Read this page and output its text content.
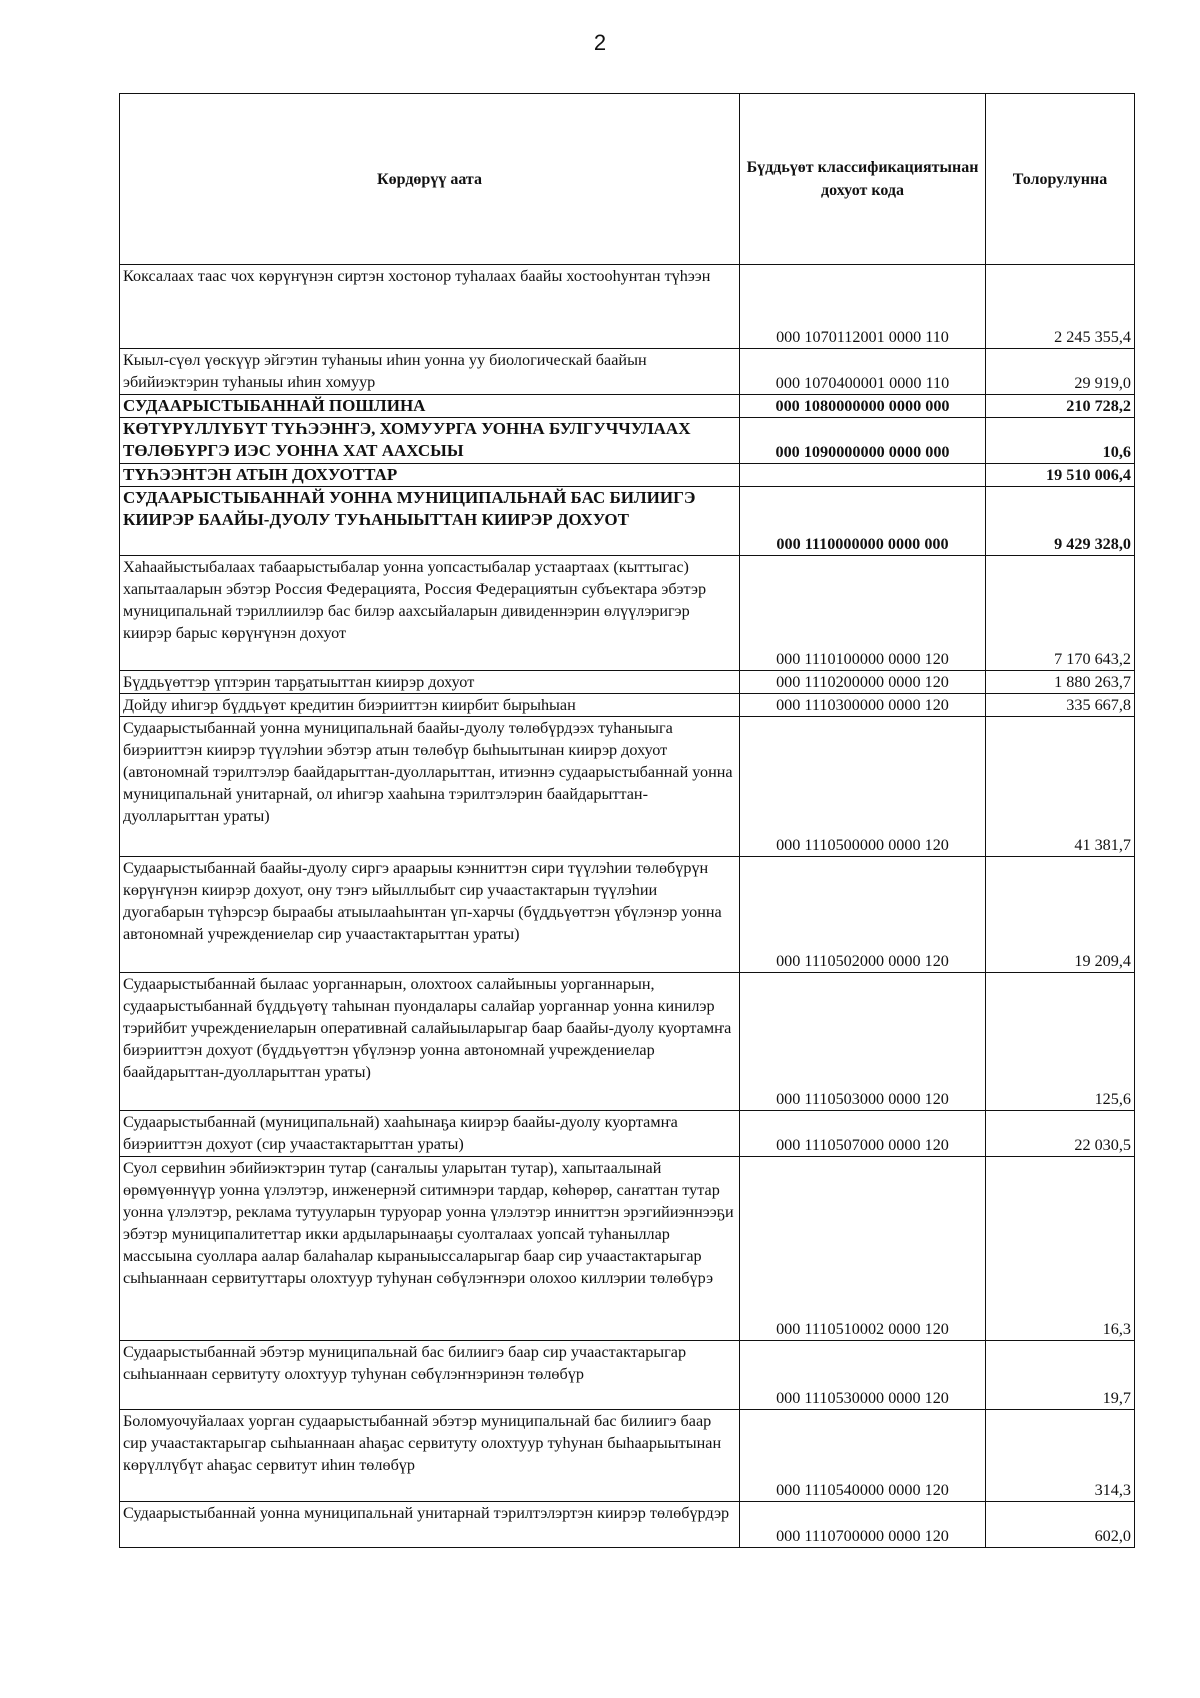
2
Көрдөрүү аата	Бүддьүөт классификациятынан дохуот кода	Толорулунна
Коксалаах таас чох көрүҥүнэн сиртэн хостонор туһалаах баайы хостооһунтан түһээн	000 1070112001 0000 110	2 245 355,4
Кыыл-сүөл үөскүүр эйгэтин туһаныы иһин уонна уу биологическай баайын эбийиэктэрин туһаныы иһин хомуур	000 1070400001 0000 110	29 919,0
СУДААРЫСТЫБАННАЙ ПОШЛИНА	000 1080000000 0000 000	210 728,2
КӨТҮРҮЛЛҮБҮТ ТҮҺЭЭНҤЭ, ХОМУУРГА УОННА БУЛГУЧЧУЛААХ ТӨЛӨБҮРГЭ ИЭС УОННА ХАТ ААХСЫЫ	000 1090000000 0000 000	10,6
ТҮҺЭЭНТЭН АТЫН ДОХУОТТАР		19 510 006,4
СУДААРЫСТЫБАННАЙ УОННА МУНИЦИПАЛЬНАЙ БАС БИЛИИГЭ КИИРЭР БААЙЫ-ДУОЛУ ТУҺАНЫЫТТАН КИИРЭР ДОХУОТ	000 1110000000 0000 000	9 429 328,0
Хаһаайыстыбалаах табаарыстыбалар уонна уопсастыбалар устаартаах (кыттыгас) хапытааларын эбэтэр Россия Федерацията, Россия Федерациятын субъектара эбэтэр муниципальнай тэриллиилэр бас билэр аахсыйаларын дивиденнэрин өлүүлэригэр киирэр барыс көрүҥүнэн дохуот	000 1110100000 0000 120	7 170 643,2
Бүддьүөттэр үптэрин тарҕатыыттан киирэр дохуот	000 1110200000 0000 120	1 880 263,7
Дойду иһигэр бүддьүөт кредитин биэрииттэн киирбит бырыһыан	000 1110300000 0000 120	335 667,8
Судаарыстыбаннай уонна муниципальнай баайы-дуолу төлөбүрдээх туһаныыга биэрииттэн киирэр түүлэһии эбэтэр атын төлөбүр быһыытынан киирэр дохуот (автономнай тэрилтэлэр баайдарыттан-дуолларыттан, итиэннэ судаарыстыбаннай уонна муниципальнай унитарнай, ол иһигэр хааһына тэрилтэлэрин баайдарыттан-дуолларыттан ураты)	000 1110500000 0000 120	41 381,7
Судаарыстыбаннай баайы-дуолу сиргэ араарыы кэнниттэн сири түүлэһии төлөбүрүн көрүҥүнэн киирэр дохуот, ону тэҥэ ыйыллыбыт сир учаастактарын түүлэһии дуогабарын түһэрсэр быраабы атыылааһынтан үп-харчы (бүддьүөттэн үбүлэнэр уонна автономнай учреждениелар сир учаастактарыттан ураты)	000 1110502000 0000 120	19 209,4
Судаарыстыбаннай былаас уорганнарын, олохтоох салайыныы уорганнарын, судаарыстыбаннай бүддьүөтү таһынан пуондалары салайар уорганнар уонна кинилэр тэрийбит учреждениеларын оперативнай салайыыларыгар баар баайы-дуолу куортамҥа биэрииттэн дохуот (бүддьүөттэн үбүлэнэр уонна автономнай учреждениелар баайдарыттан-дуолларыттан ураты)	000 1110503000 0000 120	125,6
Судаарыстыбаннай (муниципальнай) хааһынаҕа киирэр баайы-дуолу куортамҥа биэрииттэн дохуот (сир учаастактарыттан ураты)	000 1110507000 0000 120	22 030,5
Суол сервиһин эбийиэктэрин тутар (саҥалыы уларытан тутар), хапытаалынай өрөмүөннүүр уонна үлэлэтэр, инженернэй ситимнэри тардар, көһөрөр, саҥаттан тутар уонна үлэлэтэр, реклама тутууларын туруорар уонна үлэлэтэр инниттэн эрэгийиэннээҕи эбэтэр муниципалитеттар икки ардыларынааҕы суолталаах уопсай туһаныллар массыына суоллара аалар балаһалар кыраныыссаларыгар баар сир учаастактарыгар сыһыаннаан сервитуттары олохтуур туһунан сөбүлэҥнэри олохоо киллэрии төлөбүрэ	000 1110510002 0000 120	16,3
Судаарыстыбаннай эбэтэр муниципальнай бас билиигэ баар сир учаастактарыгар сыһыаннаан сервитуту олохтуур туһунан сөбүлэҥнэринэн төлөбүр	000 1110530000 0000 120	19,7
Боломуочуйалаах уорган судаарыстыбаннай эбэтэр муниципальнай бас билиигэ баар сир учаастактарыгар сыһыаннаан аһаҕас сервитуту олохтуур туһунан быһаарыытынан көрүллүбүт аһаҕас сервитут иһин төлөбүр	000 1110540000 0000 120	314,3
Судаарыстыбаннай уонна муниципальнай унитарнай тэрилтэлэртэн киирэр төлөбүрдэр	000 1110700000 0000 120	602,0
